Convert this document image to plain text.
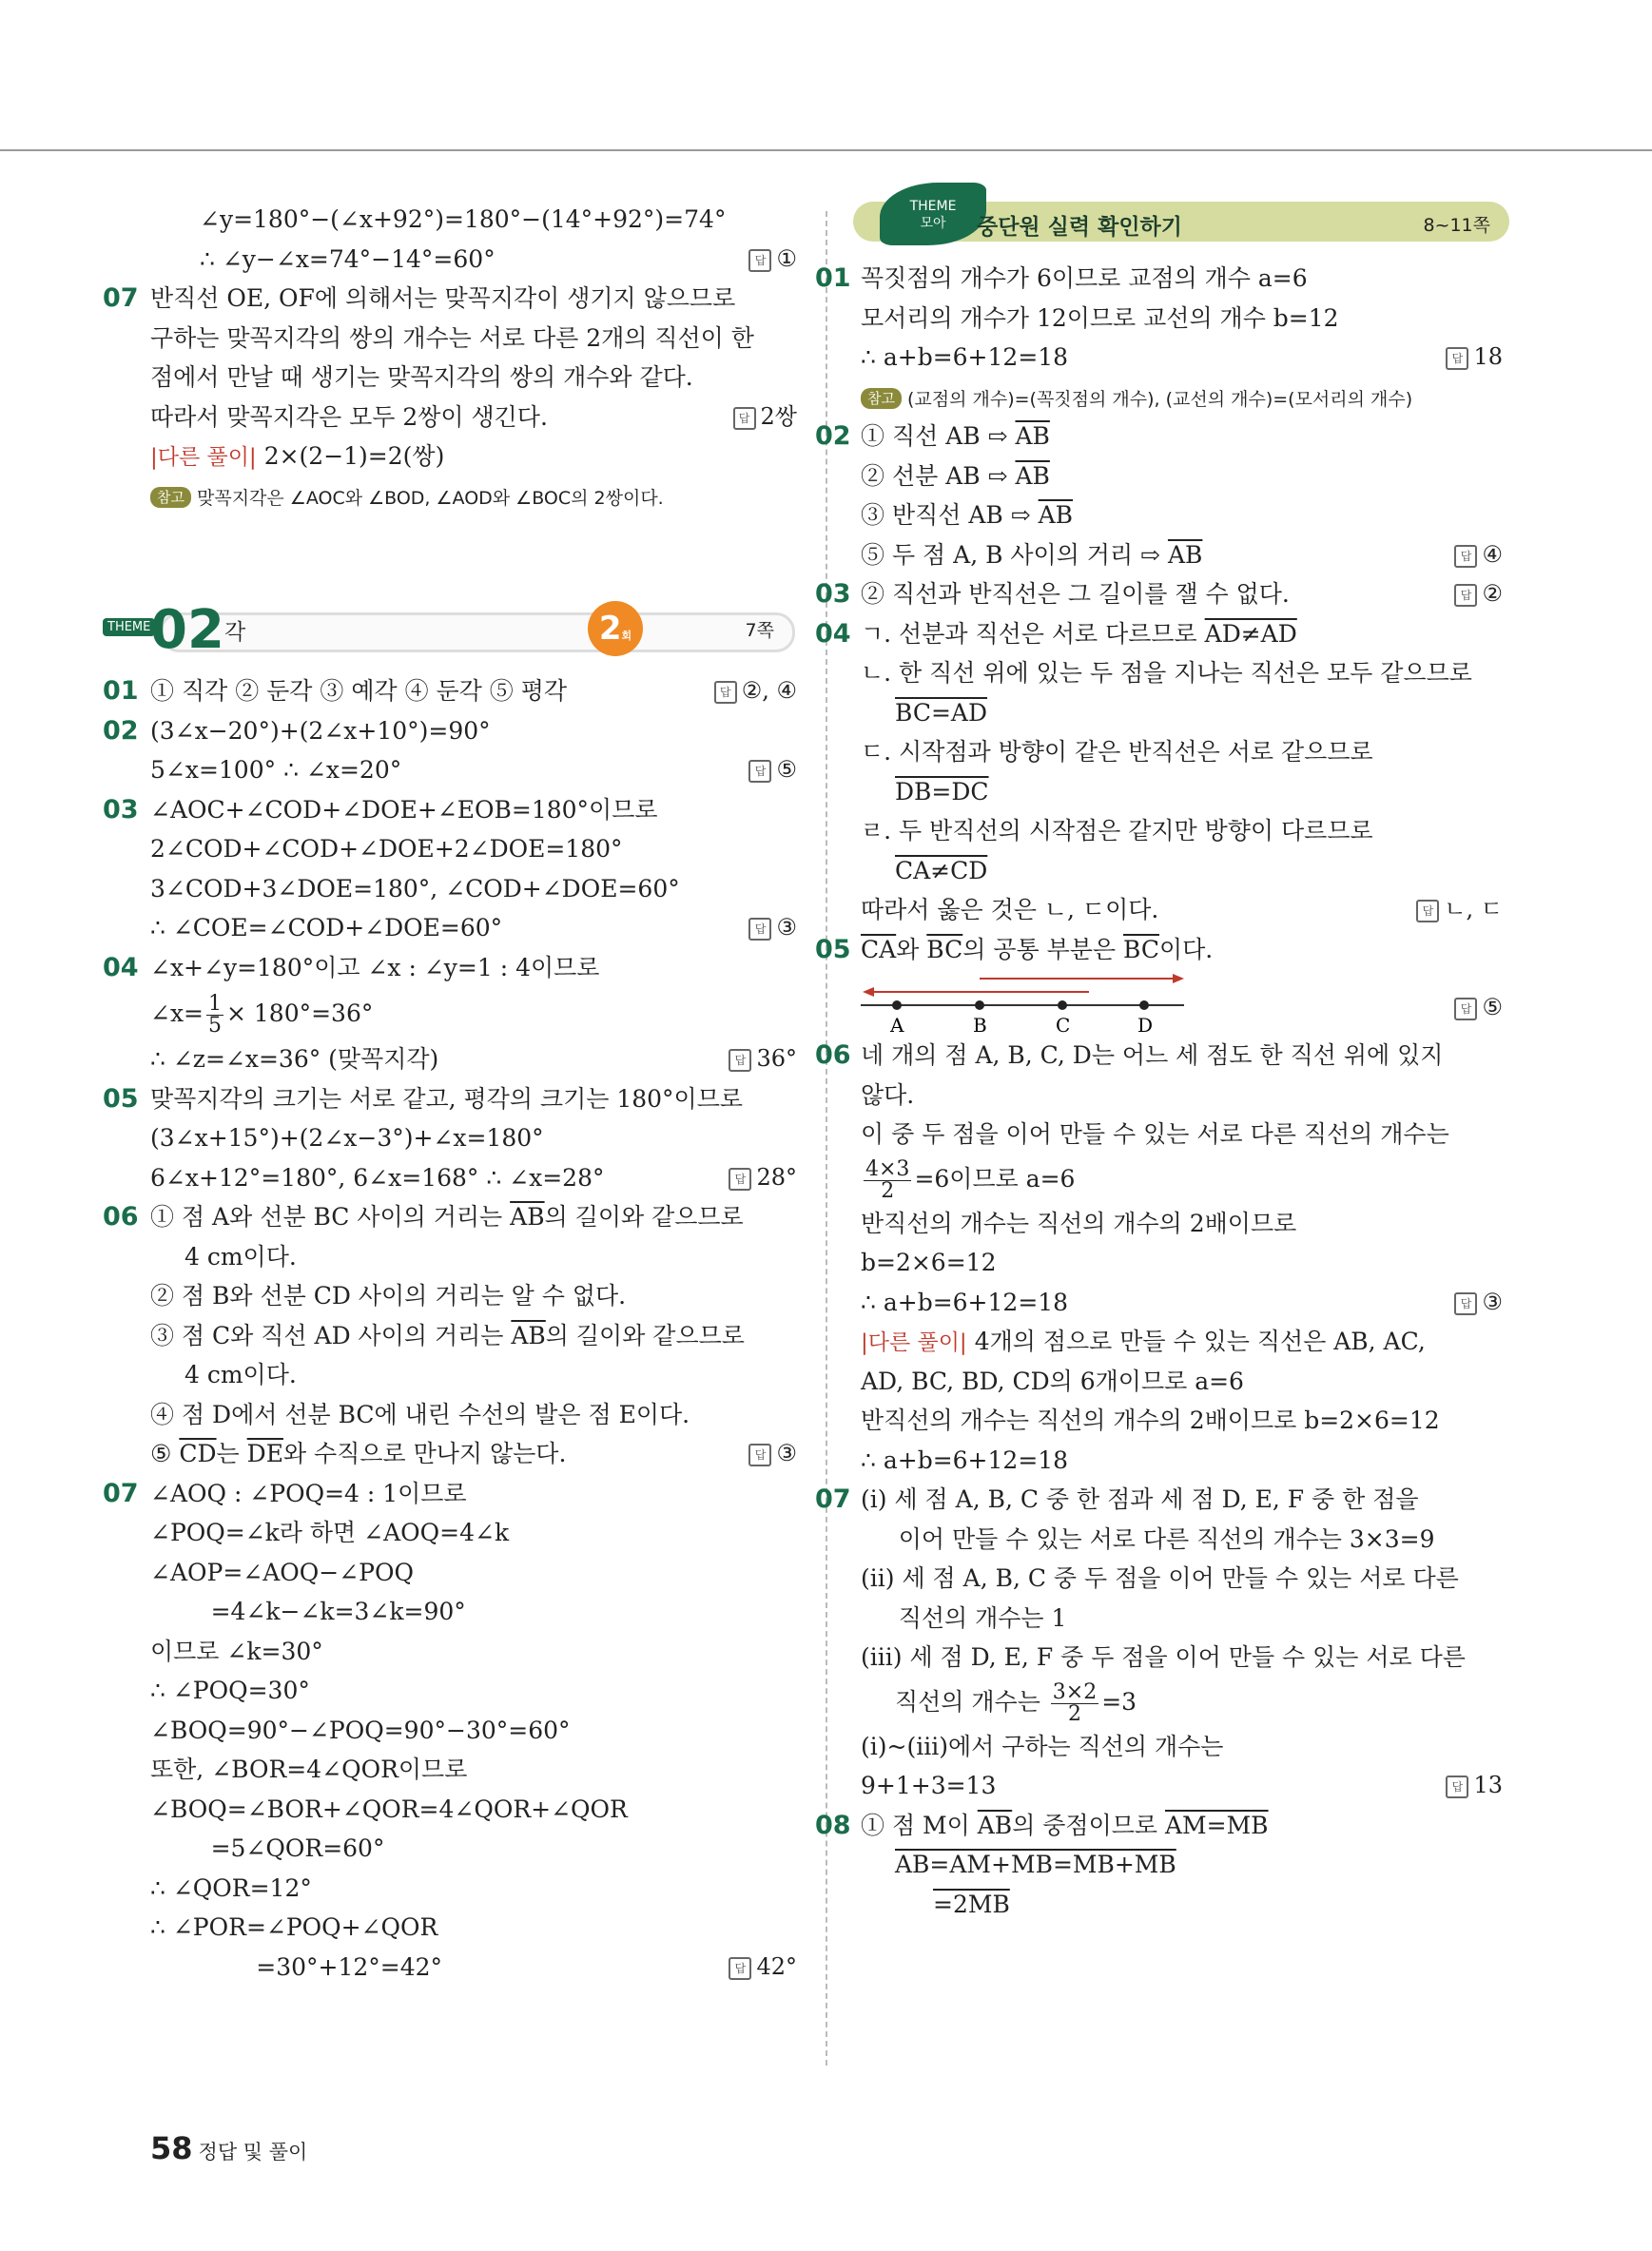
∠y=180°−(∠x+92°)=180°−(14°+92°)=74°
∴ ∠y−∠x=74°−14°=60°	답 ①
07 반직선 OE, OF에 의해서는 맞꼭지각이 생기지 않으므로
구하는 맞꼭지각의 쌍의 개수는 서로 다른 2개의 직선이 한
점에서 만날 때 생기는 맞꼭지각의 쌍의 개수와 같다.
따라서 맞꼭지각은 모두 2쌍이 생긴다.	답 2쌍
|다른 풀이| 2×(2−1)=2(쌍)
참고 맞꼭지각은 ∠AOC와 ∠BOD, ∠AOD와 ∠BOC의 2쌍이다.
THEME 02 각	2회	7쪽
01 ① 직각 ② 둔각 ③ 예각 ④ 둔각 ⑤ 평각	답 ②, ④
02 (3∠x−20°)+(2∠x+10°)=90°
5∠x=100° ∴ ∠x=20°	답 ⑤
03 ∠AOC+∠COD+∠DOE+∠EOB=180°이므로
2∠COD+∠COD+∠DOE+2∠DOE=180°
3∠COD+3∠DOE=180°, ∠COD+∠DOE=60°
∴ ∠COE=∠COD+∠DOE=60°	답 ③
04 ∠x+∠y=180°이고 ∠x : ∠y=1 : 4이므로
∠x= $\frac{1}{5} \times 180^\circ=36^\circ$
∴ ∠z=∠x=36° (맞꼭지각)	답 36°
05 맞꼭지각의 크기는 서로 같고, 평각의 크기는 180°이므로
(3∠x+15°)+(2∠x−3°)+∠x=180°
6∠x+12°=180°, 6∠x=168° ∴ ∠x=28°	답 28°
06 ① 점 A와 선분 BC 사이의 거리는 $\overline{AB}$의 길이와 같으므로
4 cm이다.
② 점 B와 선분 CD 사이의 거리는 알 수 없다.
③ 점 C와 직선 AD 사이의 거리는 $\overline{AB}$의 길이와 같으므로
4 cm이다.
④ 점 D에서 선분 BC에 내린 수선의 발은 점 E이다.
⑤ $\overline{CD}$는 $\overline{DE}$와 수직으로 만나지 않는다.	답 ③
07 ∠AOQ : ∠POQ=4 : 1이므로
∠POQ=∠k라 하면 ∠AOQ=4∠k
∠AOP=∠AOQ−∠POQ
=4∠k−∠k=3∠k=90°
이므로 ∠k=30°
∴ ∠POQ=30°
∠BOQ=90°−∠POQ=90°−30°=60°
또한, ∠BOR=4∠QOR이므로
∠BOQ=∠BOR+∠QOR=4∠QOR+∠QOR
=5∠QOR=60°
∴ ∠QOR=12°
∴ ∠POR=∠POQ+∠QOR
=30°+12°=42°
	답 42°
THEME
모아	중단원 실력 확인하기	8~11쪽
01 꼭짓점의 개수가 6이므로 교점의 개수 a=6
모서리의 개수가 12이므로 교선의 개수 b=12
∴ a+b=6+12=18	답 18
참고 (교점의 개수)=(꼭짓점의 개수), (교선의 개수)=(모서리의 개수)
02 ① 직선 AB ⇨ $\overline{AB}$
② 선분 AB ⇨ $\overline{AB}$
③ 반직선 AB ⇨ $\overline{AB}$
⑤ 두 점 A, B 사이의 거리 ⇨ $\overline{AB}$	답 ④
03 ② 직선과 반직선은 그 길이를 잴 수 없다.	답 ②
04 ㄱ. 선분과 직선은 서로 다르므로 AD≠AD
ㄴ. 한 직선 위에 있는 두 점을 지나는 직선은 모두 같으므로
BC=AD
ㄷ. 시작점과 방향이 같은 반직선은 서로 같으므로
DB=DC
ㄹ. 두 반직선의 시작점은 같지만 방향이 다르므로
CA≠CD
따라서 옳은 것은 ㄴ, ㄷ이다.	답 ㄴ, ㄷ
05 $\overline{CA}$와 $\overline{BC}$의 공통 부분은 $\overline{BC}$이다.
A	B	C	D
답 ⑤
06 네 개의 점 A, B, C, D는 어느 세 점도 한 직선 위에 있지
않다.
이 중 두 점을 이어 만들 수 있는 서로 다른 직선의 개수는
$\frac{4\times 3}{2} =6$이므로 a=6
반직선의 개수는 직선의 개수의 2배이므로
b=2×6=12
∴ a+b=6+12=18	답 ③
|다른 풀이| 4개의 점으로 만들 수 있는 직선은 AB, AC,
AD, BC, BD, CD의 6개이므로 a=6
반직선의 개수는 직선의 개수의 2배이므로 b=2×6=12
∴ a+b=6+12=18
07 (ⅰ) 세 점 A, B, C 중 한 점과 세 점 D, E, F 중 한 점을
이어 만들 수 있는 서로 다른 직선의 개수는 3×3=9
(ⅱ) 세 점 A, B, C 중 두 점을 이어 만들 수 있는 서로 다른
직선의 개수는 1
(ⅲ) 세 점 D, E, F 중 두 점을 이어 만들 수 있는 서로 다른
직선의 개수는 $\frac{3\times 2}{2} =3$
(ⅰ)~(ⅲ)에서 구하는 직선의 개수는
9+1+3=13	답 13
08 ① 점 M이 $\overline{AB}$의 중점이므로 AM=MB
AB=AM+MB=MB+MB
=2MB
58 정답 및 풀이
